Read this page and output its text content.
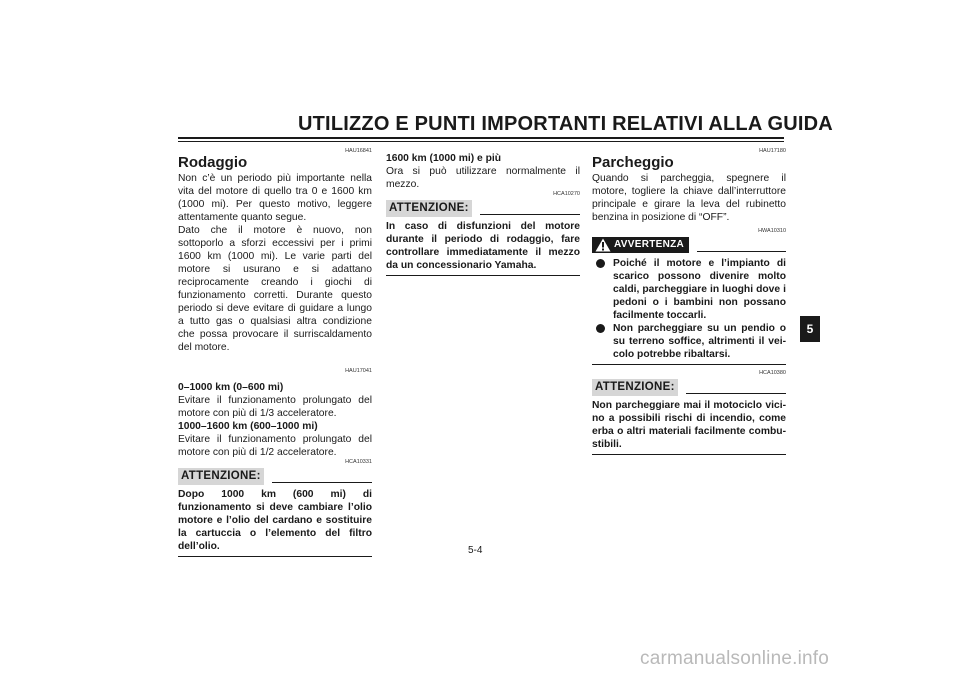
UTILIZZO E PUNTI IMPORTANTI RELATIVI ALLA GUIDA
HAU16841
Rodaggio

Non c’è un periodo più importante nella vita del motore di quello tra 0 e 1600 km (1000 mi). Per questo motivo, leggere attentamente quanto segue.

Dato che il motore è nuovo, non sottoporlo a sforzi eccessivi per i primi 1600 km (1000 mi). Le varie parti del motore si usurano e si adattano reciprocamente creando i giochi di funzionamento corretti. Durante questo periodo si deve evitare di guidare a lungo a tutto gas o qualsiasi altra condizione che possa provocare il surriscaldamento del motore.

HAU17041
0–1000 km (0–600 mi)

Evitare il funzionamento prolungato del motore con più di 1/3 acceleratore.

1000–1600 km (600–1000 mi)

Evitare il funzionamento prolungato del motore con più di 1/2 acceleratore.

HCA10331
ATTENZIONE:
Dopo 1000 km (600 mi) di funzionamento si deve cambiare l’olio motore e l’olio del cardano e sostituire la cartuccia o l’elemento del filtro dell’olio.
1600 km (1000 mi) e più

Ora si può utilizzare normalmente il mezzo.

HCA10270
ATTENZIONE:
In caso di disfunzioni del motore durante il periodo di rodaggio, fare controllare immediatamente il mezzo da un concessionario Yamaha.
HAU17180
Parcheggio

Quando si parcheggia, spegnere il motore, togliere la chiave dall’interruttore principale e girare la leva del rubinetto benzina in posizione di “OFF”.

HWA10310
AVVERTENZA
Poiché il motore e l’impianto di scarico possono divenire molto caldi, parcheggiare in luoghi dove i pedoni o i bambini non possano facilmente toccarli.
Non parcheggiare su un pendio o su terreno soffice, altrimenti il veicolo potrebbe ribaltarsi.
HCA10380
ATTENZIONE:
Non parcheggiare mai il motociclo vicino a possibili rischi di incendio, come erba o altri materiali facilmente combustibili.
5
5-4
carmanualsonline.info
